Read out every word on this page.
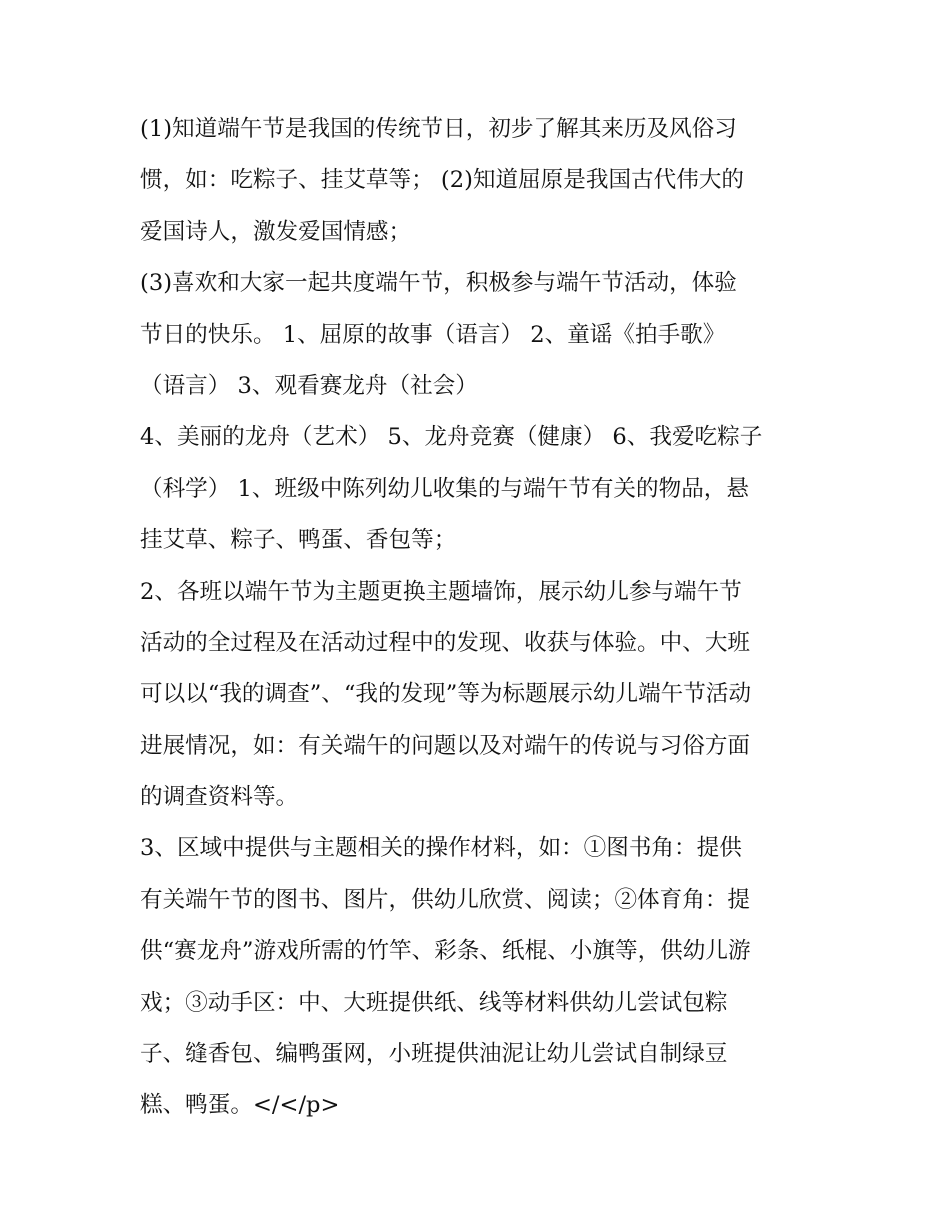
(1)知道端午节是我国的传统节日，初步了解其来历及风俗习

惯，如：吃粽子、挂艾草等； (2)知道屈原是我国古代伟大的

爱国诗人，激发爱国情感；

(3)喜欢和大家一起共度端午节，积极参与端午节活动，体验

节日的快乐。 1、屈原的故事（语言） 2、童谣《拍手歌》

（语言） 3、观看赛龙舟（社会）

4、美丽的龙舟（艺术） 5、龙舟竞赛（健康） 6、我爱吃粽子

（科学） 1、班级中陈列幼儿收集的与端午节有关的物品，悬

挂艾草、粽子、鸭蛋、香包等；

2、各班以端午节为主题更换主题墙饰，展示幼儿参与端午节

活动的全过程及在活动过程中的发现、收获与体验。中、大班

可以以“我的调查”、“我的发现”等为标题展示幼儿端午节活动

进展情况，如：有关端午的问题以及对端午的传说与习俗方面

的调查资料等。

3、区域中提供与主题相关的操作材料，如：①图书角：提供

有关端午节的图书、图片，供幼儿欣赏、阅读；②体育角：提

供“赛龙舟”游戏所需的竹竿、彩条、纸棍、小旗等，供幼儿游

戏；③动手区：中、大班提供纸、线等材料供幼儿尝试包粽

子、缝香包、编鸭蛋网，小班提供油泥让幼儿尝试自制绿豆

糕、鸭蛋。</</p>
